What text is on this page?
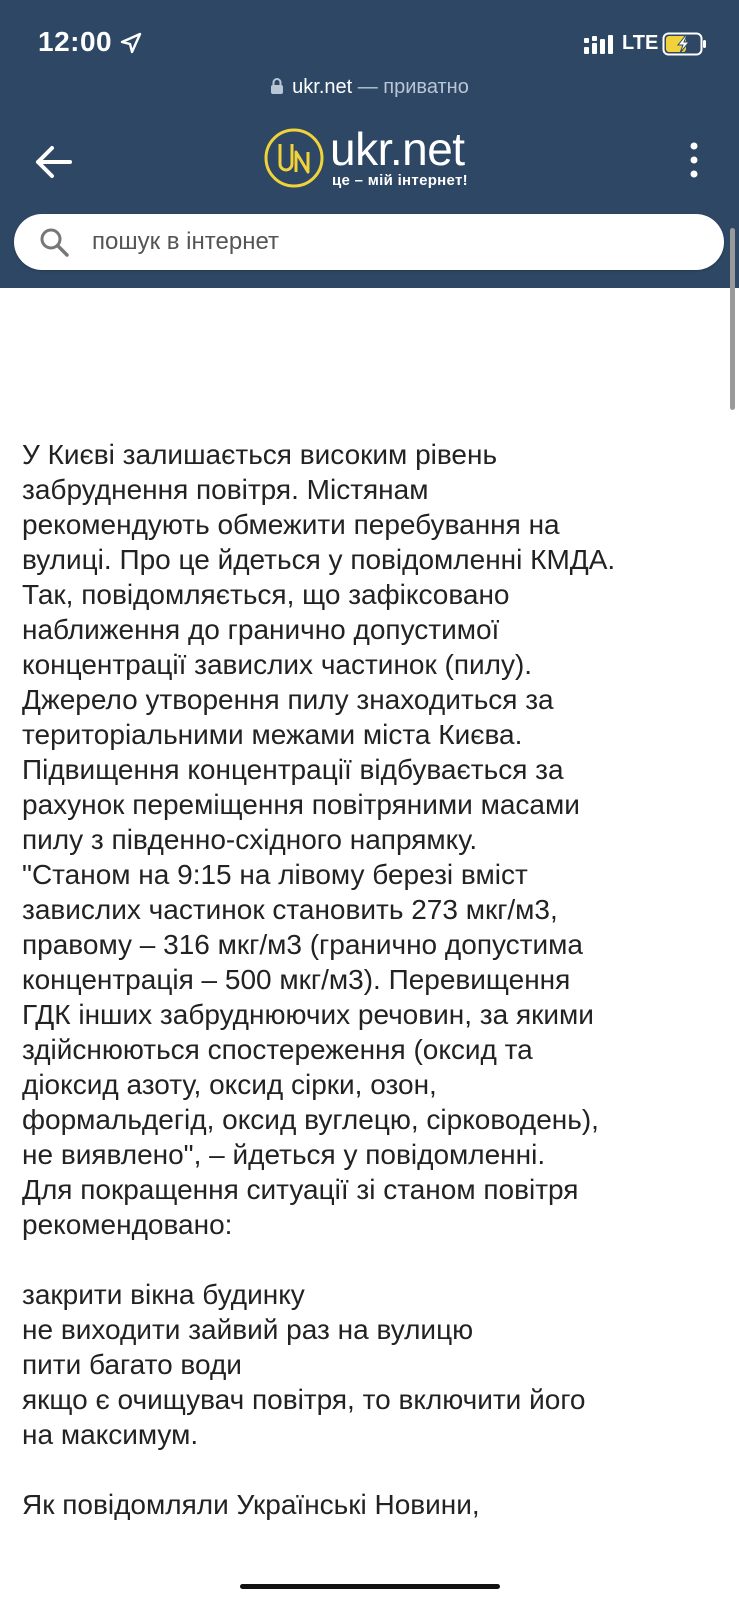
12:00	LTE
ukr.net — приватно
ukr.net
це – мій інтернет!
пошук в інтернет

У Києві залишається високим рівень

забруднення повітря. Містянам

рекомендують обмежити перебування на

вулиці. Про це йдеться у повідомленні КМДА.

Так, повідомляється, що зафіксовано

наближення до гранично допустимої

концентрації завислих частинок (пилу).

Джерело утворення пилу знаходиться за

територіальними межами міста Києва.

Підвищення концентрації відбувається за

рахунок переміщення повітряними масами

пилу з південно-східного напрямку.

"Станом на 9:15 на лівому березі вміст

завислих частинок становить 273 мкг/м3,

правому – 316 мкг/м3 (гранично допустима

концентрація – 500 мкг/м3). Перевищення

ГДК інших забруднюючих речовин, за якими

здійснюються спостереження (оксид та

діоксид азоту, оксид сірки, озон,

формальдегід, оксид вуглецю, сірководень),

не виявлено", – йдеться у повідомленні.

Для покращення ситуації зі станом повітря

рекомендовано:

закрити вікна будинку

не виходити зайвий раз на вулицю

пити багато води

якщо є очищувач повітря, то включити його

на максимум.

Як повідомляли Українські Новини,
